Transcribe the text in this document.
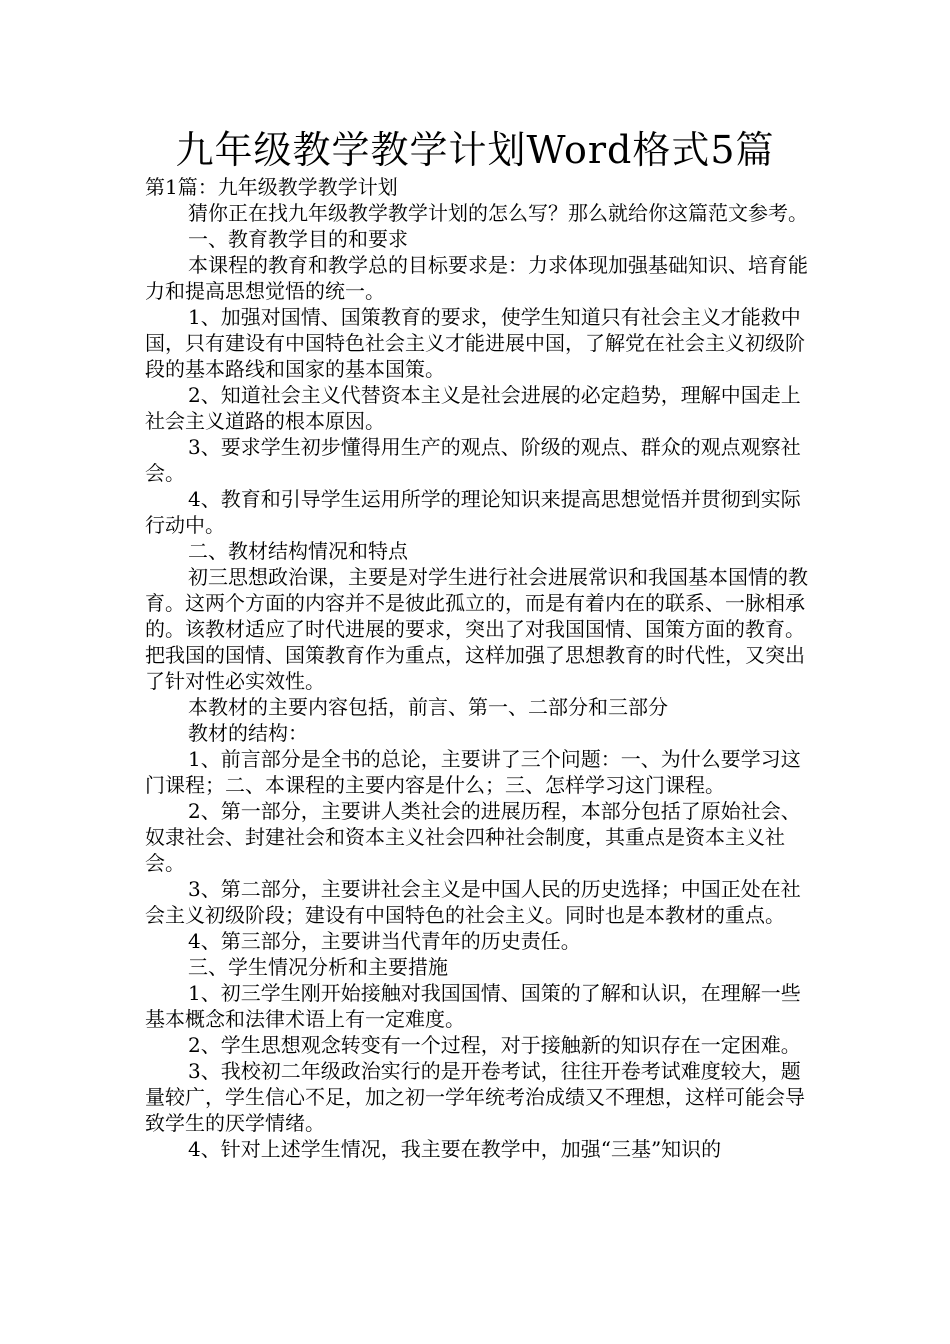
九年级教学教学计划Word格式5篇
第1篇：九年级教学教学计划

猜你正在找九年级教学教学计划的怎么写？那么就给你这篇范文参考。

一、教育教学目的和要求

本课程的教育和教学总的目标要求是：力求体现加强基础知识、培育能力和提高思想觉悟的统一。

1、加强对国情、国策教育的要求，使学生知道只有社会主义才能救中国，只有建设有中国特色社会主义才能进展中国，了解党在社会主义初级阶段的基本路线和国家的基本国策。

2、知道社会主义代替资本主义是社会进展的必定趋势，理解中国走上社会主义道路的根本原因。

3、要求学生初步懂得用生产的观点、阶级的观点、群众的观点观察社会。

4、教育和引导学生运用所学的理论知识来提高思想觉悟并贯彻到实际行动中。

二、教材结构情况和特点

初三思想政治课，主要是对学生进行社会进展常识和我国基本国情的教育。这两个方面的内容并不是彼此孤立的，而是有着内在的联系、一脉相承的。该教材适应了时代进展的要求，突出了对我国国情、国策方面的教育。把我国的国情、国策教育作为重点，这样加强了思想教育的时代性，又突出了针对性必实效性。

本教材的主要内容包括，前言、第一、二部分和三部分

教材的结构：

1、前言部分是全书的总论，主要讲了三个问题：一、为什么要学习这门课程；二、本课程的主要内容是什么；三、怎样学习这门课程。

2、第一部分，主要讲人类社会的进展历程，本部分包括了原始社会、奴隶社会、封建社会和资本主义社会四种社会制度，其重点是资本主义社会。

3、第二部分，主要讲社会主义是中国人民的历史选择；中国正处在社会主义初级阶段；建设有中国特色的社会主义。同时也是本教材的重点。

4、第三部分，主要讲当代青年的历史责任。

三、学生情况分析和主要措施

1、初三学生刚开始接触对我国国情、国策的了解和认识，在理解一些基本概念和法律术语上有一定难度。

2、学生思想观念转变有一个过程，对于接触新的知识存在一定困难。

3、我校初二年级政治实行的是开卷考试，往往开卷考试难度较大，题量较广，学生信心不足，加之初一学年统考治成绩又不理想，这样可能会导致学生的厌学情绪。

4、针对上述学生情况，我主要在教学中，加强“三基”知识的
